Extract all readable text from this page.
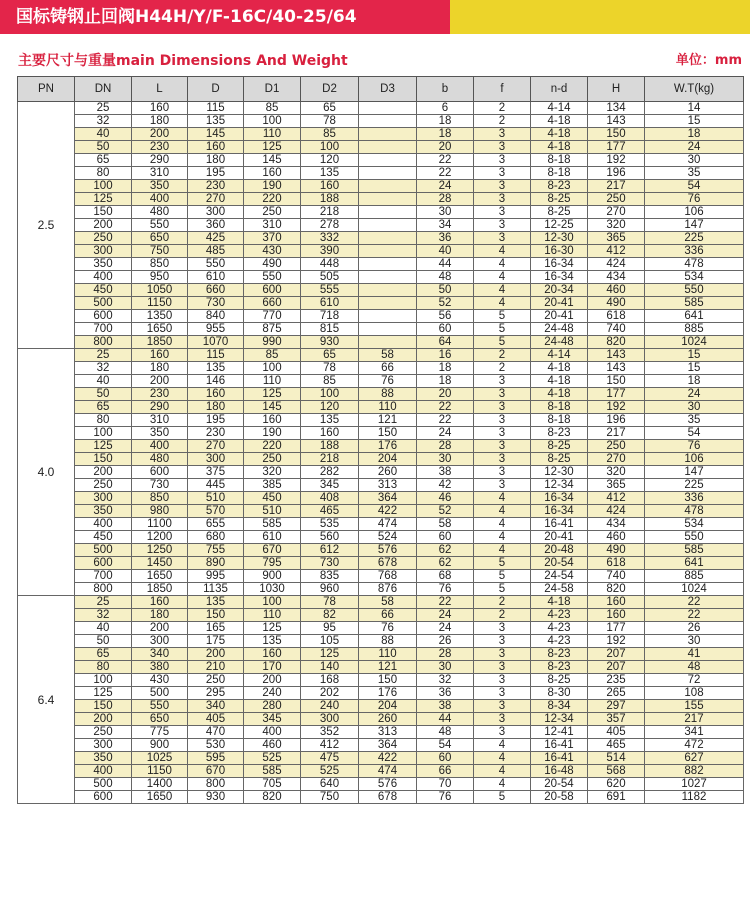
国标铸钢止回阀H44H/Y/F-16C/40-25/64
主要尺寸与重量main Dimensions And Weight	单位：mm
PN	DN	L	D	D1	D2	D3	b	f	n-d	H	W.T(kg)
2.5	25	160	115	85	65		6	2	4-14	134	14
	32	180	135	100	78		18	2	4-18	143	15
	40	200	145	110	85		18	3	4-18	150	18
	50	230	160	125	100		20	3	4-18	177	24
	65	290	180	145	120		22	3	8-18	192	30
	80	310	195	160	135		22	3	8-18	196	35
	100	350	230	190	160		24	3	8-23	217	54
	125	400	270	220	188		28	3	8-25	250	76
	150	480	300	250	218		30	3	8-25	270	106
	200	550	360	310	278		34	3	12-25	320	147
	250	650	425	370	332		36	3	12-30	365	225
	300	750	485	430	390		40	4	16-30	412	336
	350	850	550	490	448		44	4	16-34	424	478
	400	950	610	550	505		48	4	16-34	434	534
	450	1050	660	600	555		50	4	20-34	460	550
	500	1150	730	660	610		52	4	20-41	490	585
	600	1350	840	770	718		56	5	20-41	618	641
	700	1650	955	875	815		60	5	24-48	740	885
	800	1850	1070	990	930		64	5	24-48	820	1024
4.0	25	160	115	85	65	58	16	2	4-14	143	15
	32	180	135	100	78	66	18	2	4-18	143	15
	40	200	146	110	85	76	18	3	4-18	150	18
	50	230	160	125	100	88	20	3	4-18	177	24
	65	290	180	145	120	110	22	3	8-18	192	30
	80	310	195	160	135	121	22	3	8-18	196	35
	100	350	230	190	160	150	24	3	8-23	217	54
	125	400	270	220	188	176	28	3	8-25	250	76
	150	480	300	250	218	204	30	3	8-25	270	106
	200	600	375	320	282	260	38	3	12-30	320	147
	250	730	445	385	345	313	42	3	12-34	365	225
	300	850	510	450	408	364	46	4	16-34	412	336
	350	980	570	510	465	422	52	4	16-34	424	478
	400	1100	655	585	535	474	58	4	16-41	434	534
	450	1200	680	610	560	524	60	4	20-41	460	550
	500	1250	755	670	612	576	62	4	20-48	490	585
	600	1450	890	795	730	678	62	5	20-54	618	641
	700	1650	995	900	835	768	68	5	24-54	740	885
	800	1850	1135	1030	960	876	76	5	24-58	820	1024
6.4	25	160	135	100	78	58	22	2	4-18	160	22
	32	180	150	110	82	66	24	2	4-23	160	22
	40	200	165	125	95	76	24	3	4-23	177	26
	50	300	175	135	105	88	26	3	4-23	192	30
	65	340	200	160	125	110	28	3	8-23	207	41
	80	380	210	170	140	121	30	3	8-23	207	48
	100	430	250	200	168	150	32	3	8-25	235	72
	125	500	295	240	202	176	36	3	8-30	265	108
	150	550	340	280	240	204	38	3	8-34	297	155
	200	650	405	345	300	260	44	3	12-34	357	217
	250	775	470	400	352	313	48	3	12-41	405	341
	300	900	530	460	412	364	54	4	16-41	465	472
	350	1025	595	525	475	422	60	4	16-41	514	627
	400	1150	670	585	525	474	66	4	16-48	568	882
	500	1400	800	705	640	576	70	4	20-54	620	1027
	600	1650	930	820	750	678	76	5	20-58	691	1182
